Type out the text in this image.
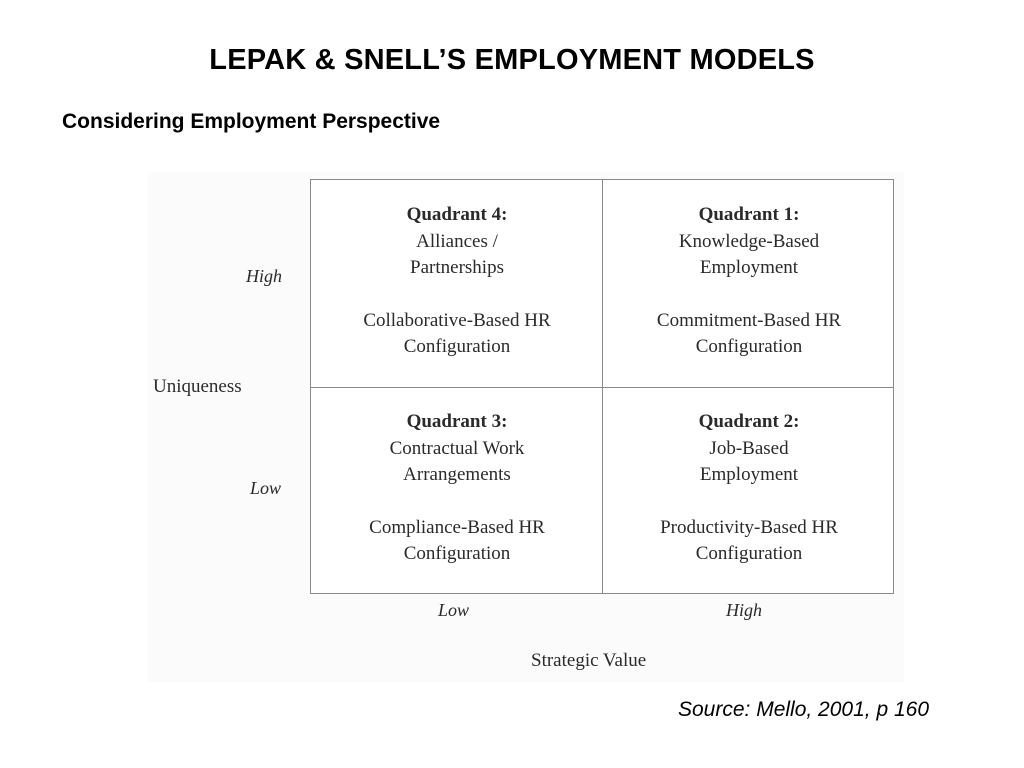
LEPAK & SNELL’S EMPLOYMENT MODELS
Considering Employment Perspective
High
Uniqueness
Low
Low	High
Strategic Value
Quadrant 4:
Alliances /
Partnerships
Collaborative-Based HR
Configuration
Quadrant 1:
Knowledge-Based
Employment
Commitment-Based HR
Configuration
Quadrant 3:
Contractual Work
Arrangements
Compliance-Based HR
Configuration
Quadrant 2:
Job-Based
Employment
Productivity-Based HR
Configuration
Source: Mello, 2001, p 160
